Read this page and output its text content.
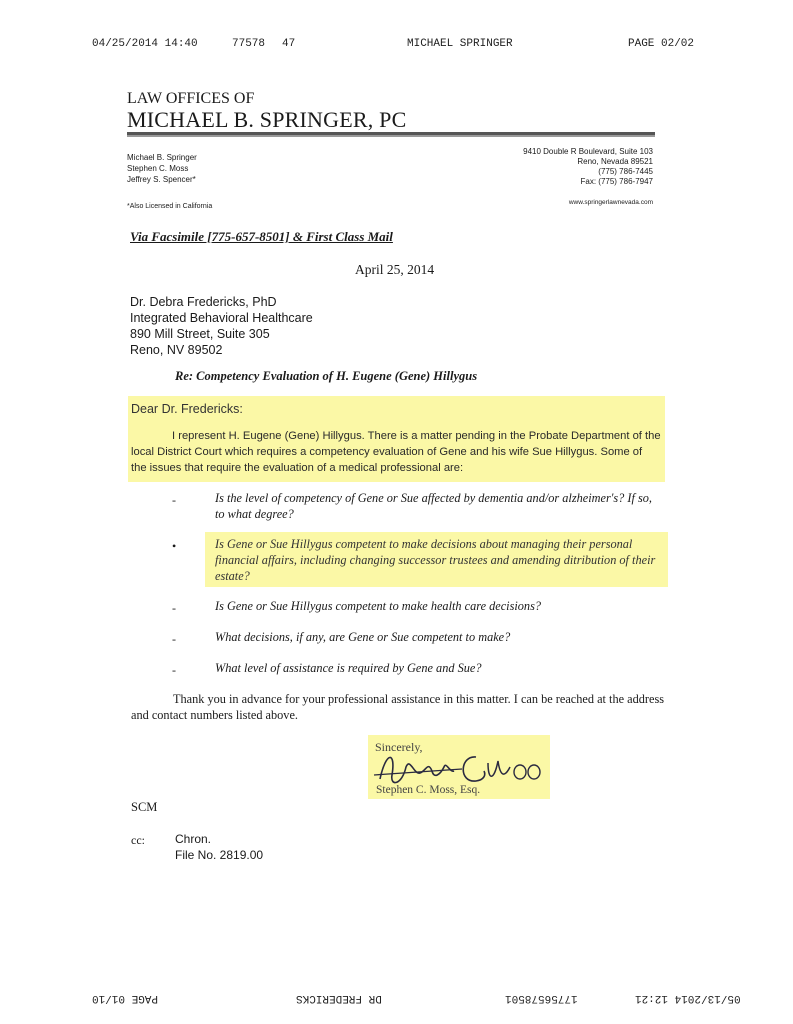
04/25/2014 14:40	77578 47	MICHAEL SPRINGER	PAGE 02/02
LAW OFFICES OF
MICHAEL B. SPRINGER, PC
Michael B. Springer
Stephen C. Moss
Jeffrey S. Spencer*
*Also Licensed in California
9410 Double R Boulevard, Suite 103
Reno, Nevada 89521
(775) 786-7445
Fax: (775) 786-7947
www.springerlawnevada.com
Via Facsimile [775-657-8501] & First Class Mail
April 25, 2014
Dr. Debra Fredericks, PhD
Integrated Behavioral Healthcare
890 Mill Street, Suite 305
Reno, NV 89502
Re: Competency Evaluation of H. Eugene (Gene) Hillygus
Dear Dr. Fredericks:
I represent H. Eugene (Gene) Hillygus. There is a matter pending in the Probate Department of the
local District Court which requires a competency evaluation of Gene and his wife Sue Hillygus. Some of
the issues that require the evaluation of a medical professional are:
-	Is the level of competency of Gene or Sue affected by dementia and/or alzheimer's? If so,
to what degree?
•	Is Gene or Sue Hillygus competent to make decisions about managing their personal
financial affairs, including changing successor trustees and amending ditribution of their
estate?
-	Is Gene or Sue Hillygus competent to make health care decisions?
-	What decisions, if any, are Gene or Sue competent to make?
-	What level of assistance is required by Gene and Sue?
Thank you in advance for your professional assistance in this matter. I can be reached at the address
and contact numbers listed above.
Sincerely,
Stephen C. Moss, Esq.
SCM
cc:	Chron.
File No. 2819.00
PAGE 01/10	DR FREDERICKS	17756578501	05/13/2014 12:21
